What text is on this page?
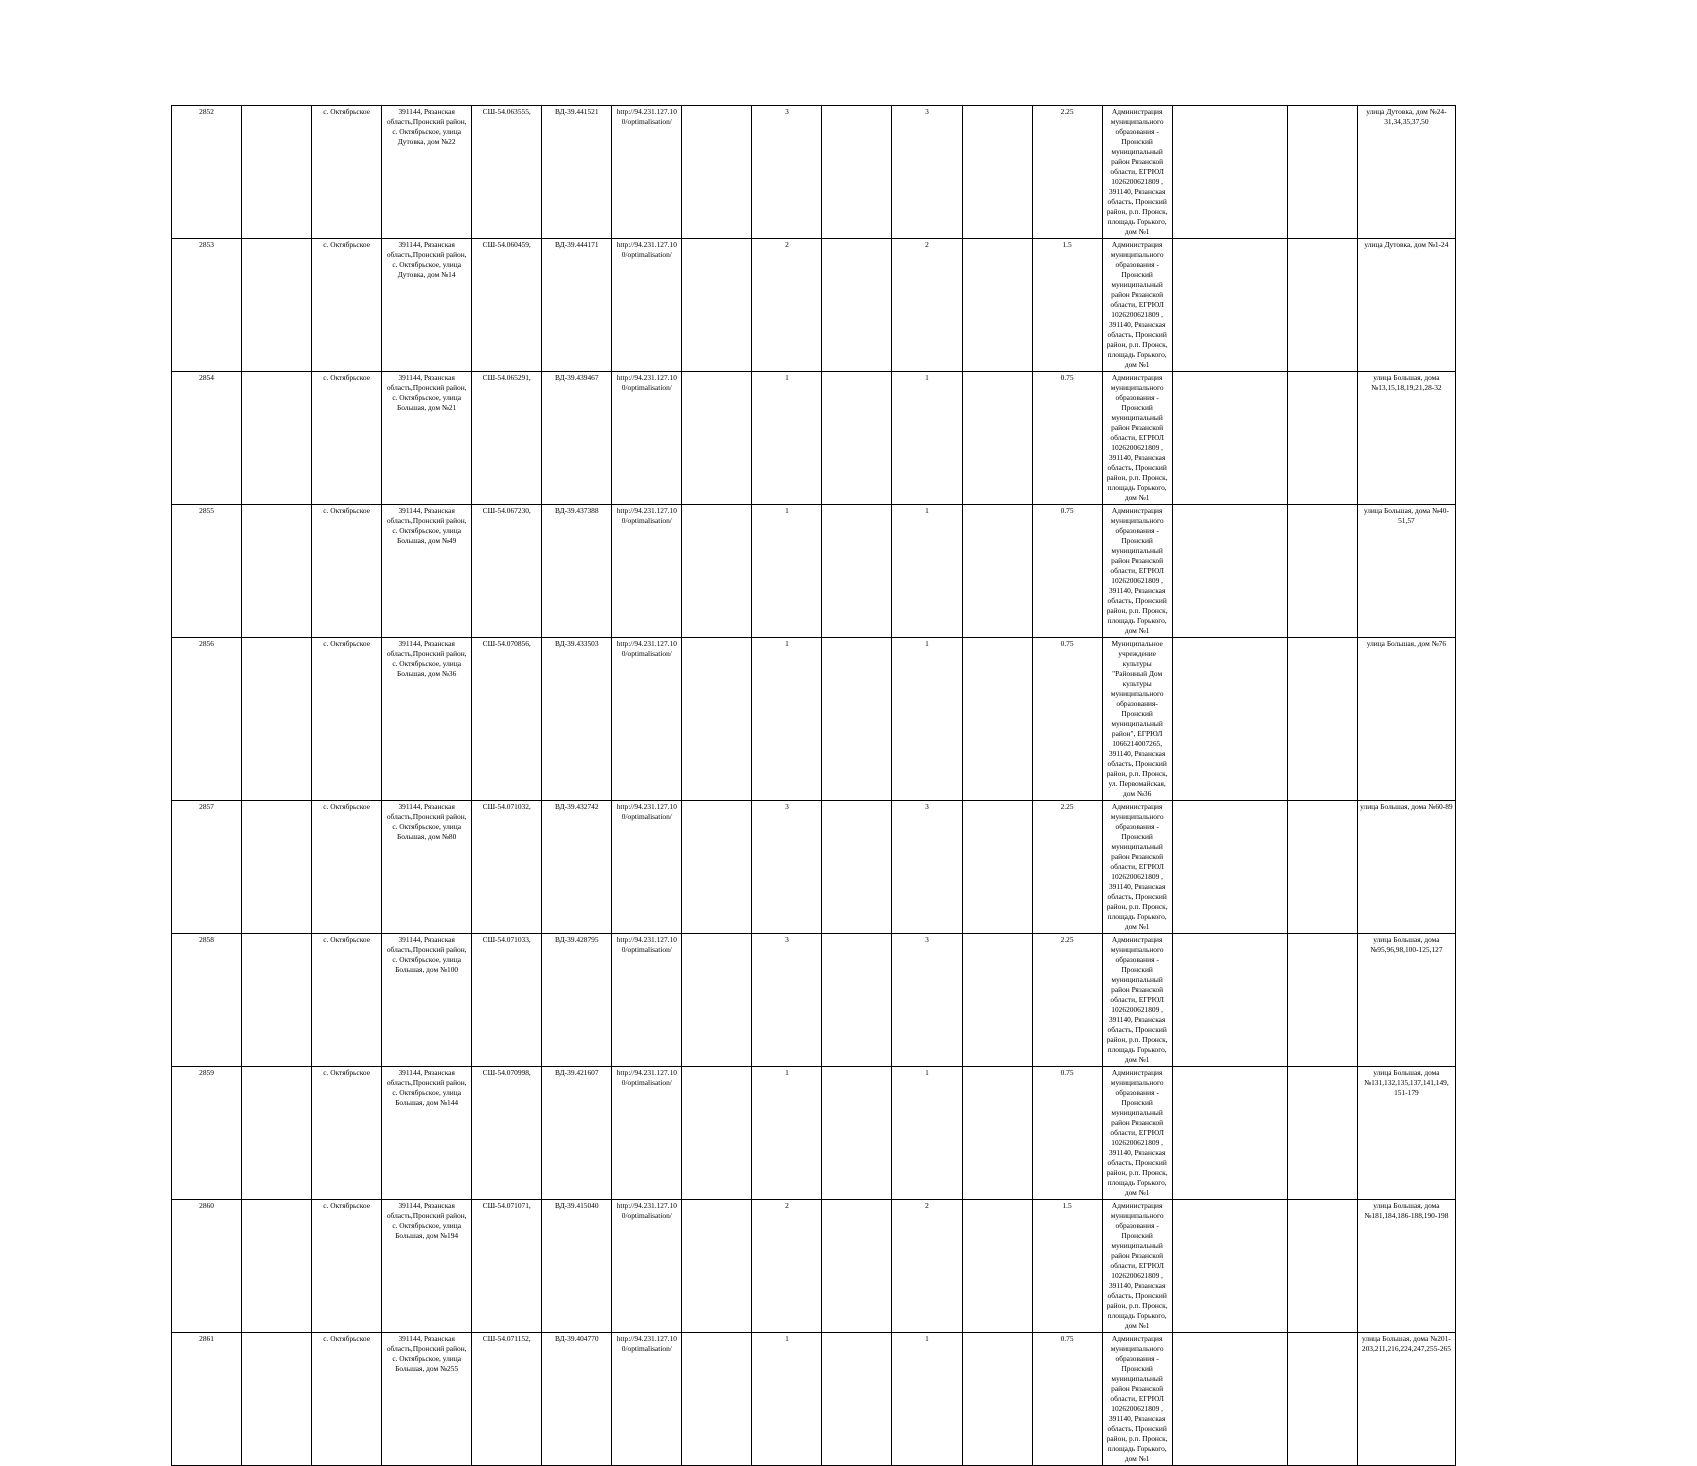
2852		с. Октябрьское	391144, Рязанская область,Пронский район, с. Октябрьское, улица Дутовка, дом №22	СШ-54.063555,	ВД-39.441521	http://94.231.127.10 0/optimalisation/		3		3		2.25	Администрация муниципального образования - Пронский муниципальный район Рязанской области, ЕГРЮЛ 1026200621809 , 391140, Рязанская область, Пронский район, р.п. Пронск, площадь Горького, дом №1			улица Дутовка, дом №24-31,34,35,37,50
2853		с. Октябрьское	391144, Рязанская область,Пронский район, с. Октябрьское, улица Дутовка, дом №14	СШ-54.060459,	ВД-39.444171	http://94.231.127.10 0/optimalisation/		2		2		1.5	Администрация муниципального образования - Пронский муниципальный район Рязанской области, ЕГРЮЛ 1026200621809 , 391140, Рязанская область, Пронский район, р.п. Пронск, площадь Горького, дом №1			улица Дутовка, дом №1-24
2854		с. Октябрьское	391144, Рязанская область,Пронский район, с. Октябрьское, улица Большая, дом №21	СШ-54.065291,	ВД-39.439467	http://94.231.127.10 0/optimalisation/		1		1		0.75	Администрация муниципального образования - Пронский муниципальный район Рязанской области, ЕГРЮЛ 1026200621809 , 391140, Рязанская область, Пронский район, р.п. Пронск, площадь Горького, дом №1			улица Большая, дома №13,15,18,19,21,28-32
2855		с. Октябрьское	391144, Рязанская область,Пронский район, с. Октябрьское, улица Большая, дом №49	СШ-54.067230,	ВД-39.437388	http://94.231.127.10 0/optimalisation/		1		1		0.75	Администрация муниципального образования - Пронский муниципальный район Рязанской области, ЕГРЮЛ 1026200621809 , 391140, Рязанская область, Пронский район, р.п. Пронск, площадь Горького, дом №1			улица Большая, дома №40-51,57
2856		с. Октябрьское	391144, Рязанская область,Пронский район, с. Октябрьское, улица Большая, дом №36	СШ-54.070856,	ВД-39.433503	http://94.231.127.10 0/optimalisation/		1		1		0.75	Муниципальное учреждение культуры "Районный Дом культуры муниципального образования-Пронский муниципальный район", ЕГРЮЛ 1066214007265, 391140, Рязанская область, Пронский район, р.п. Пронск, ул. Первомайская, дом №36			улица Большая, дом №76
2857		с. Октябрьское	391144, Рязанская область,Пронский район, с. Октябрьское, улица Большая, дом №80	СШ-54.071032,	ВД-39.432742	http://94.231.127.10 0/optimalisation/		3		3		2.25	Администрация муниципального образования - Пронский муниципальный район Рязанской области, ЕГРЮЛ 1026200621809 , 391140, Рязанская область, Пронский район, р.п. Пронск, площадь Горького, дом №1			улица Большая, дома №60-89
2858		с. Октябрьское	391144, Рязанская область,Пронский район, с. Октябрьское, улица Большая, дом №100	СШ-54.071033,	ВД-39.428795	http://94.231.127.10 0/optimalisation/		3		3		2.25	Администрация муниципального образования - Пронский муниципальный район Рязанской области, ЕГРЮЛ 1026200621809 , 391140, Рязанская область, Пронский район, р.п. Пронск, площадь Горького, дом №1			улица Большая, дома №95,96,98,100-125,127
2859		с. Октябрьское	391144, Рязанская область,Пронский район, с. Октябрьское, улица Большая, дом №144	СШ-54.070998,	ВД-39.421607	http://94.231.127.10 0/optimalisation/		1		1		0.75	Администрация муниципального образования - Пронский муниципальный район Рязанской области, ЕГРЮЛ 1026200621809 , 391140, Рязанская область, Пронский район, р.п. Пронск, площадь Горького, дом №1			улица Большая, дома №131,132,135,137,141,149, 151-179
2860		с. Октябрьское	391144, Рязанская область,Пронский район, с. Октябрьское, улица Большая, дом №194	СШ-54.071071,	ВД-39.415040	http://94.231.127.10 0/optimalisation/		2		2		1.5	Администрация муниципального образования - Пронский муниципальный район Рязанской области, ЕГРЮЛ 1026200621809 , 391140, Рязанская область, Пронский район, р.п. Пронск, площадь Горького, дом №1			улица Большая, дома №181,184,186-188,190-198
2861		с. Октябрьское	391144, Рязанская область,Пронский район, с. Октябрьское, улица Большая, дом №255	СШ-54.071152,	ВД-39.404770	http://94.231.127.10 0/optimalisation/		1		1		0.75	Администрация муниципального образования - Пронский муниципальный район Рязанской области, ЕГРЮЛ 1026200621809 , 391140, Рязанская область, Пронский район, р.п. Пронск, площадь Горького, дом №1			улица Большая, дома №201-203,211,216,224,247,255-265
